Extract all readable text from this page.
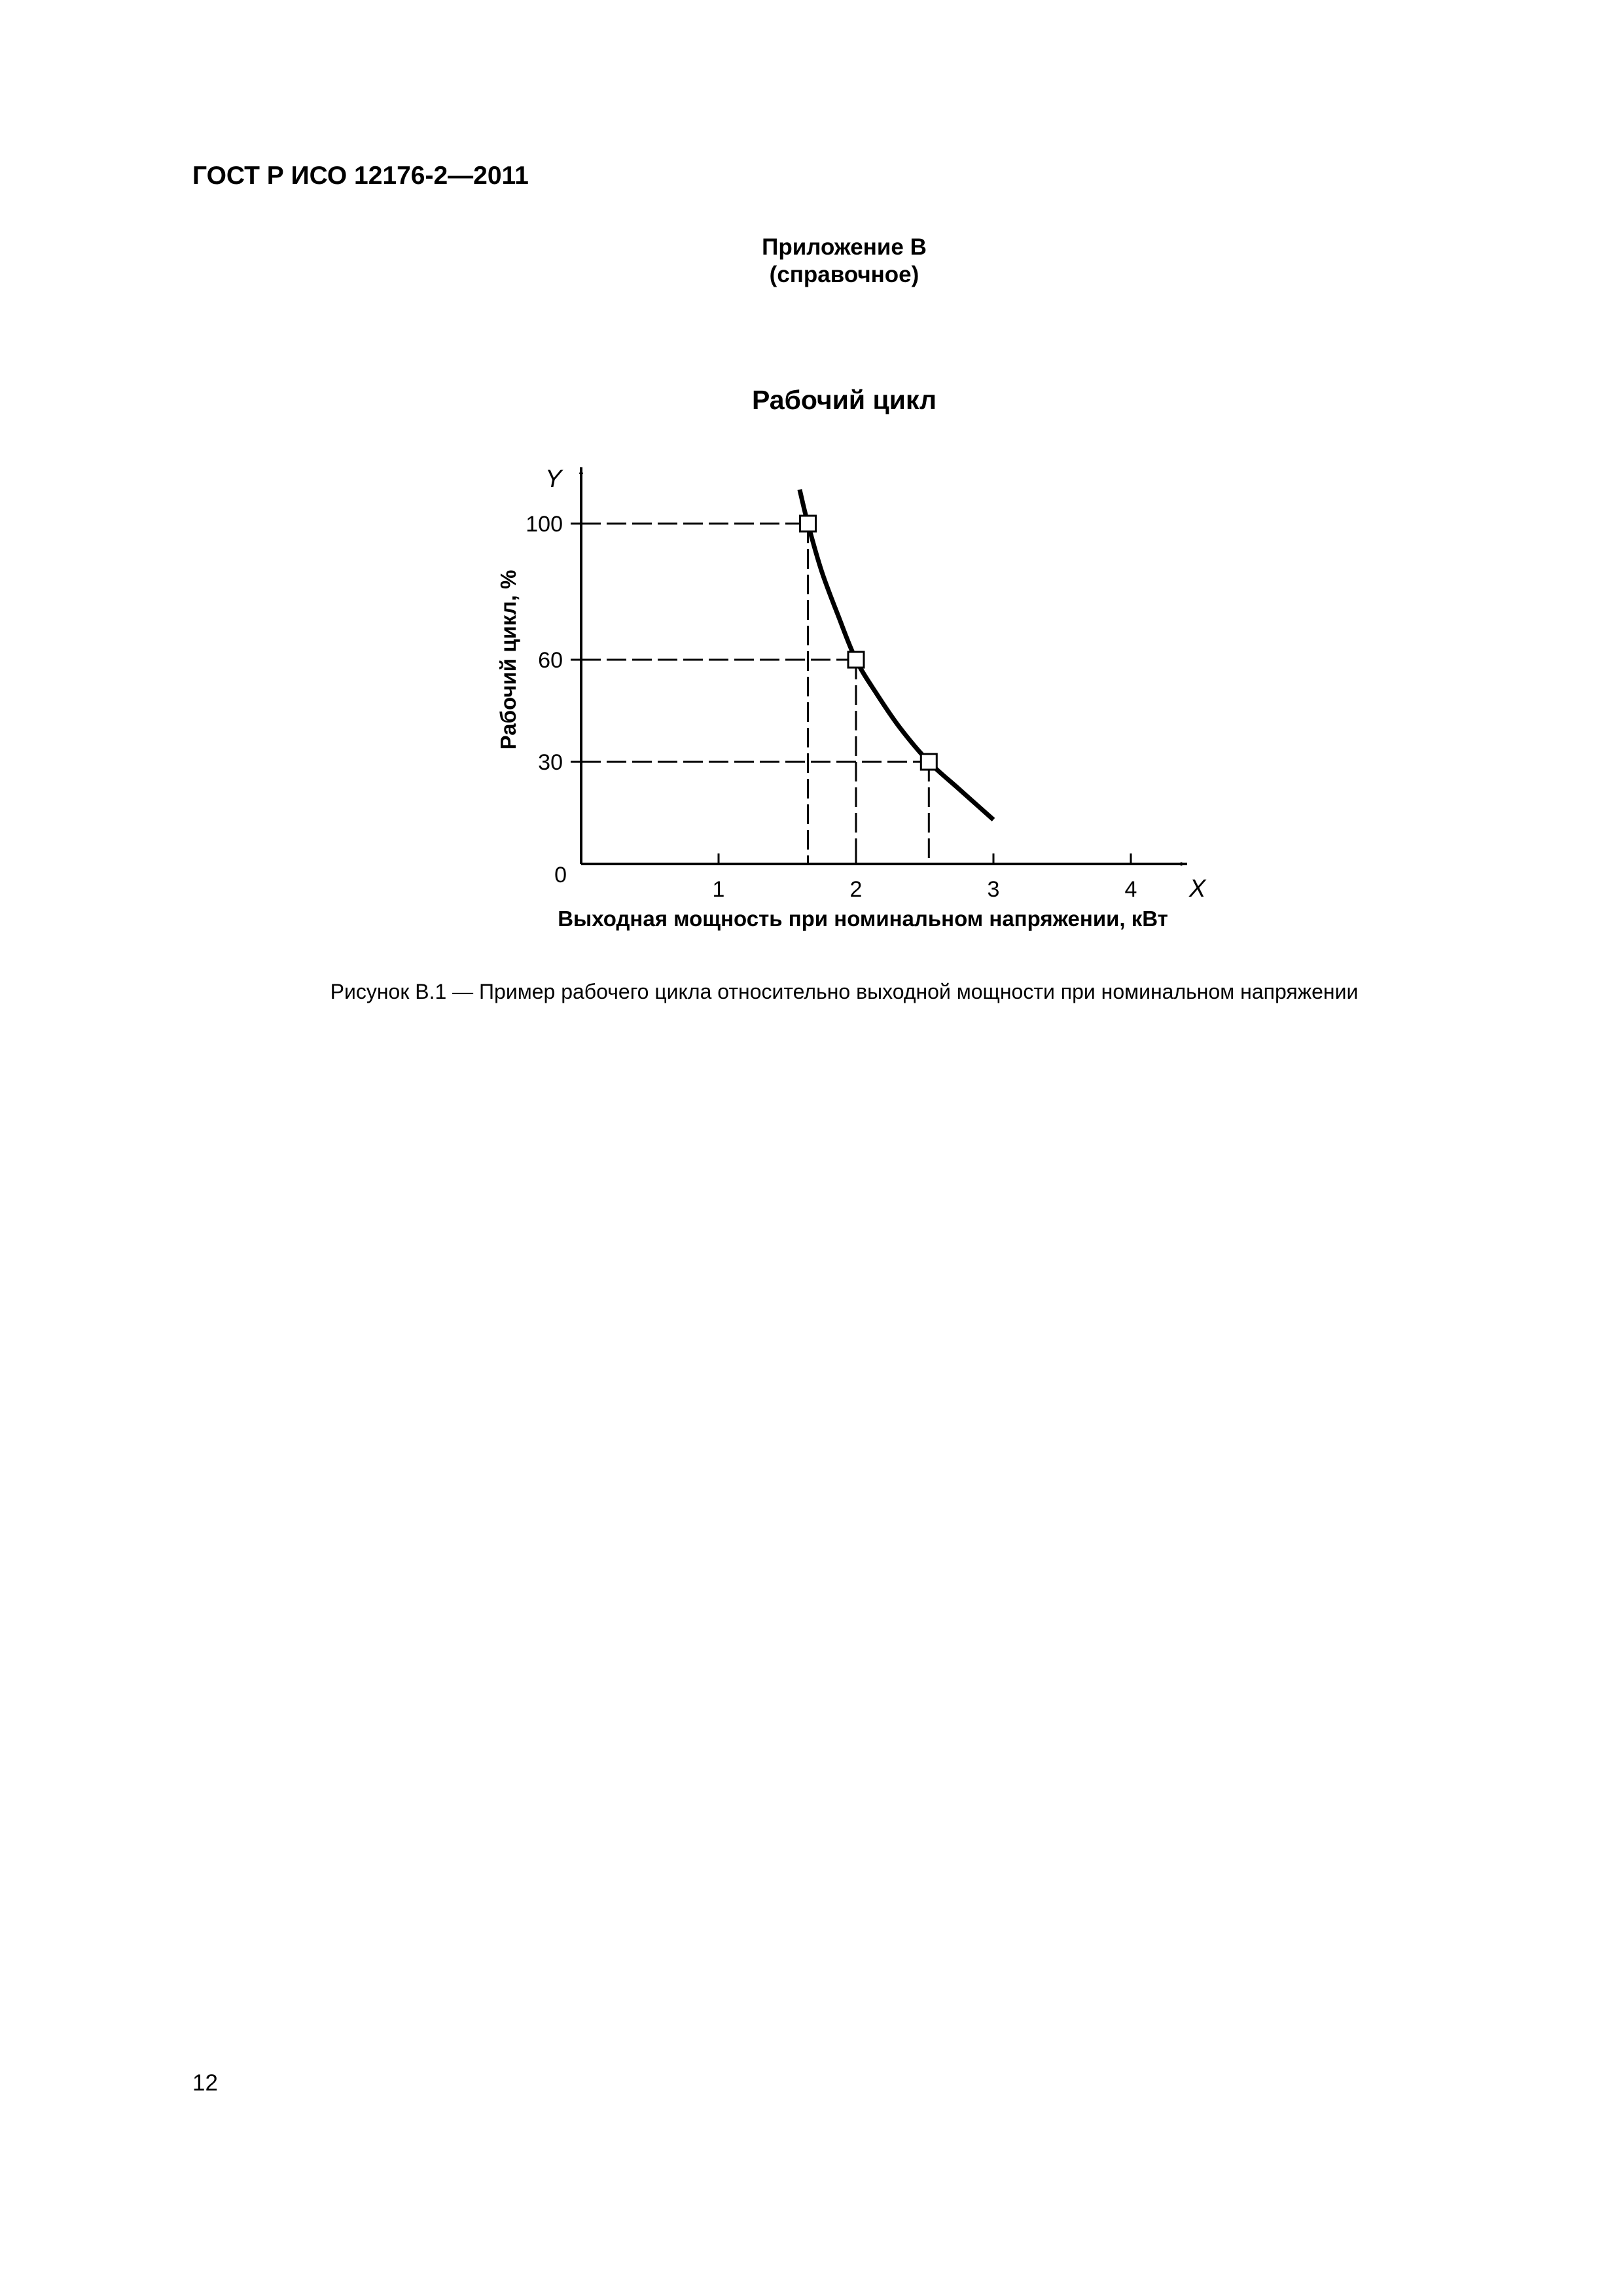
ГОСТ Р ИСО 12176-2—2011

Приложение В

(справочное)

Рабочий цикл

X
Y
0
1	2	3	4
30
60
100
Выходная мощность при номинальном напряжении, кВт
Рабочий цикл, %

Рисунок В.1 — Пример рабочего цикла относительно выходной мощности при номинальном напряжении

12
